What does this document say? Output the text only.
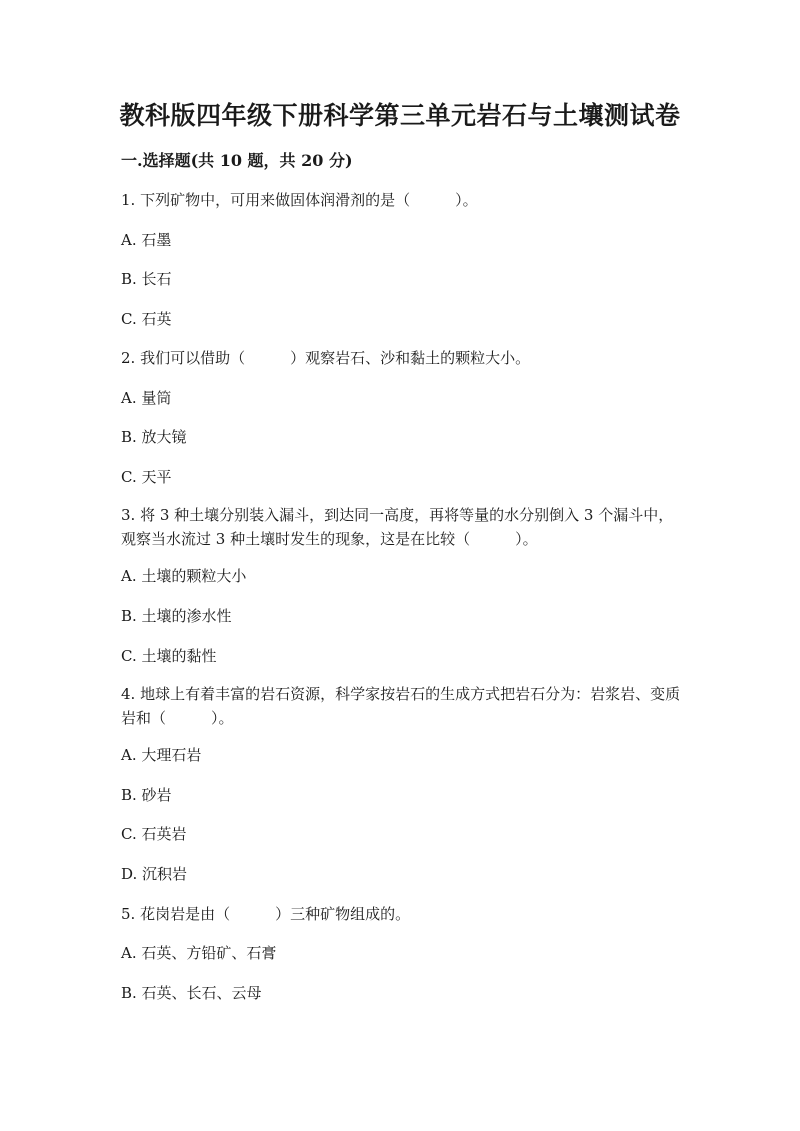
教科版四年级下册科学第三单元岩石与土壤测试卷
一.选择题(共 10 题，共 20 分)
1. 下列矿物中，可用来做固体润滑剂的是（　　　）。
A. 石墨
B. 长石
C. 石英
2. 我们可以借助（　　　）观察岩石、沙和黏土的颗粒大小。
A. 量筒
B. 放大镜
C. 天平
3. 将 3 种土壤分别装入漏斗，到达同一高度，再将等量的水分别倒入 3 个漏斗中，观察当水流过 3 种土壤时发生的现象，这是在比较（　　　）。
A. 土壤的颗粒大小
B. 土壤的渗水性
C. 土壤的黏性
4. 地球上有着丰富的岩石资源，科学家按岩石的生成方式把岩石分为：岩浆岩、变质岩和（　　　）。
A. 大理石岩
B. 砂岩
C. 石英岩
D. 沉积岩
5. 花岗岩是由（　　　）三种矿物组成的。
A. 石英、方铅矿、石膏
B. 石英、长石、云母
